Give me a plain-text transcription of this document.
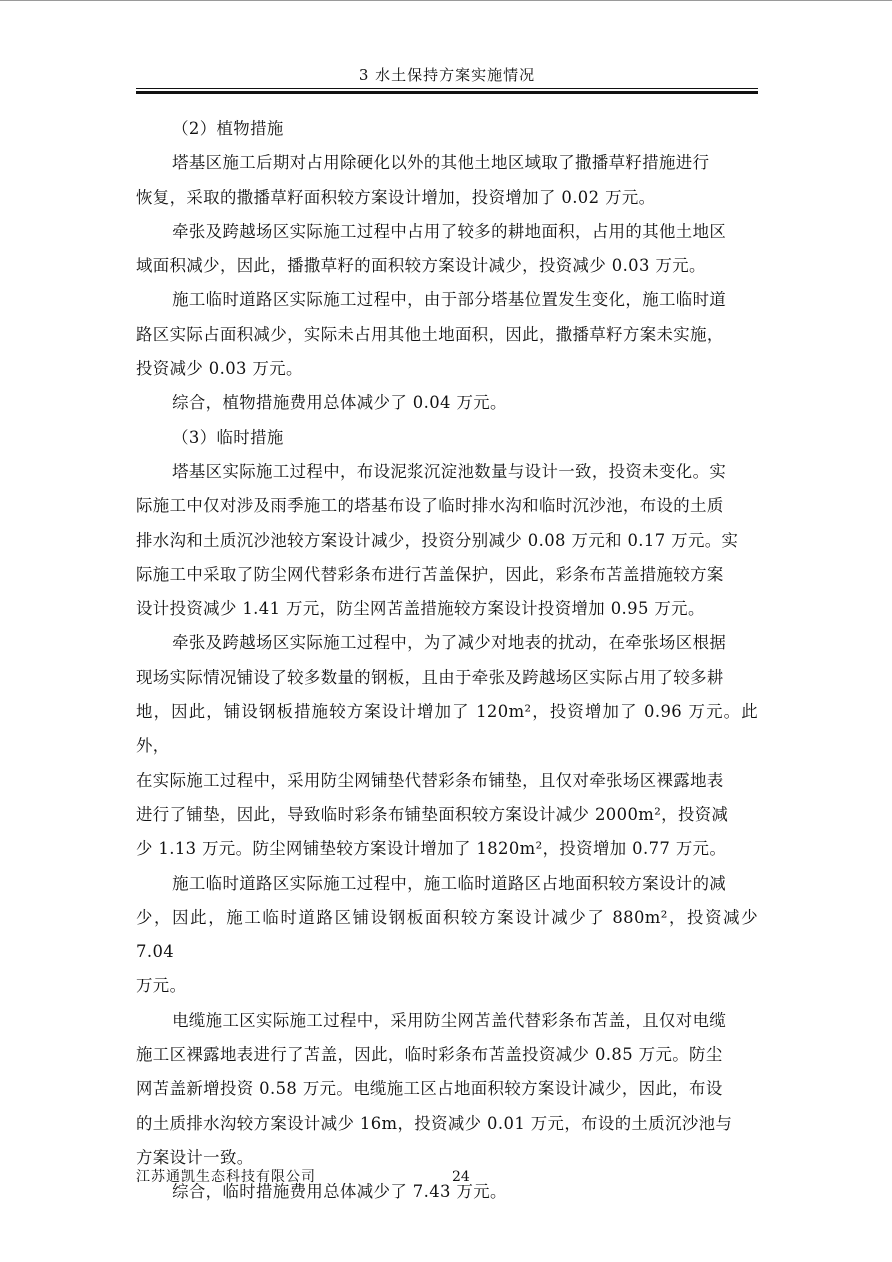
3 水土保持方案实施情况

（2）植物措施

塔基区施工后期对占用除硬化以外的其他土地区域取了撒播草籽措施进行
恢复，采取的撒播草籽面积较方案设计增加，投资增加了 0.02 万元。

牵张及跨越场区实际施工过程中占用了较多的耕地面积，占用的其他土地区
域面积减少，因此，播撒草籽的面积较方案设计减少，投资减少 0.03 万元。

施工临时道路区实际施工过程中，由于部分塔基位置发生变化，施工临时道
路区实际占面积减少，实际未占用其他土地面积，因此，撒播草籽方案未实施，
投资减少 0.03 万元。

综合，植物措施费用总体减少了 0.04 万元。

（3）临时措施

塔基区实际施工过程中，布设泥浆沉淀池数量与设计一致，投资未变化。实
际施工中仅对涉及雨季施工的塔基布设了临时排水沟和临时沉沙池，布设的土质
排水沟和土质沉沙池较方案设计减少，投资分别减少 0.08 万元和 0.17 万元。实
际施工中采取了防尘网代替彩条布进行苫盖保护，因此，彩条布苫盖措施较方案
设计投资减少 1.41 万元，防尘网苫盖措施较方案设计投资增加 0.95 万元。

牵张及跨越场区实际施工过程中，为了减少对地表的扰动，在牵张场区根据
现场实际情况铺设了较多数量的钢板，且由于牵张及跨越场区实际占用了较多耕
地，因此，铺设钢板措施较方案设计增加了 120m²，投资增加了 0.96 万元。此外，
在实际施工过程中，采用防尘网铺垫代替彩条布铺垫，且仅对牵张场区裸露地表
进行了铺垫，因此，导致临时彩条布铺垫面积较方案设计减少 2000m²，投资减
少 1.13 万元。防尘网铺垫较方案设计增加了 1820m²，投资增加 0.77 万元。

施工临时道路区实际施工过程中，施工临时道路区占地面积较方案设计的减
少，因此，施工临时道路区铺设钢板面积较方案设计减少了 880m²，投资减少 7.04
万元。

电缆施工区实际施工过程中，采用防尘网苫盖代替彩条布苫盖，且仅对电缆
施工区裸露地表进行了苫盖，因此，临时彩条布苫盖投资减少 0.85 万元。防尘
网苫盖新增投资 0.58 万元。电缆施工区占地面积较方案设计减少，因此，布设
的土质排水沟较方案设计减少 16m，投资减少 0.01 万元，布设的土质沉沙池与
方案设计一致。

综合，临时措施费用总体减少了 7.43 万元。

江苏通凯生态科技有限公司	24
